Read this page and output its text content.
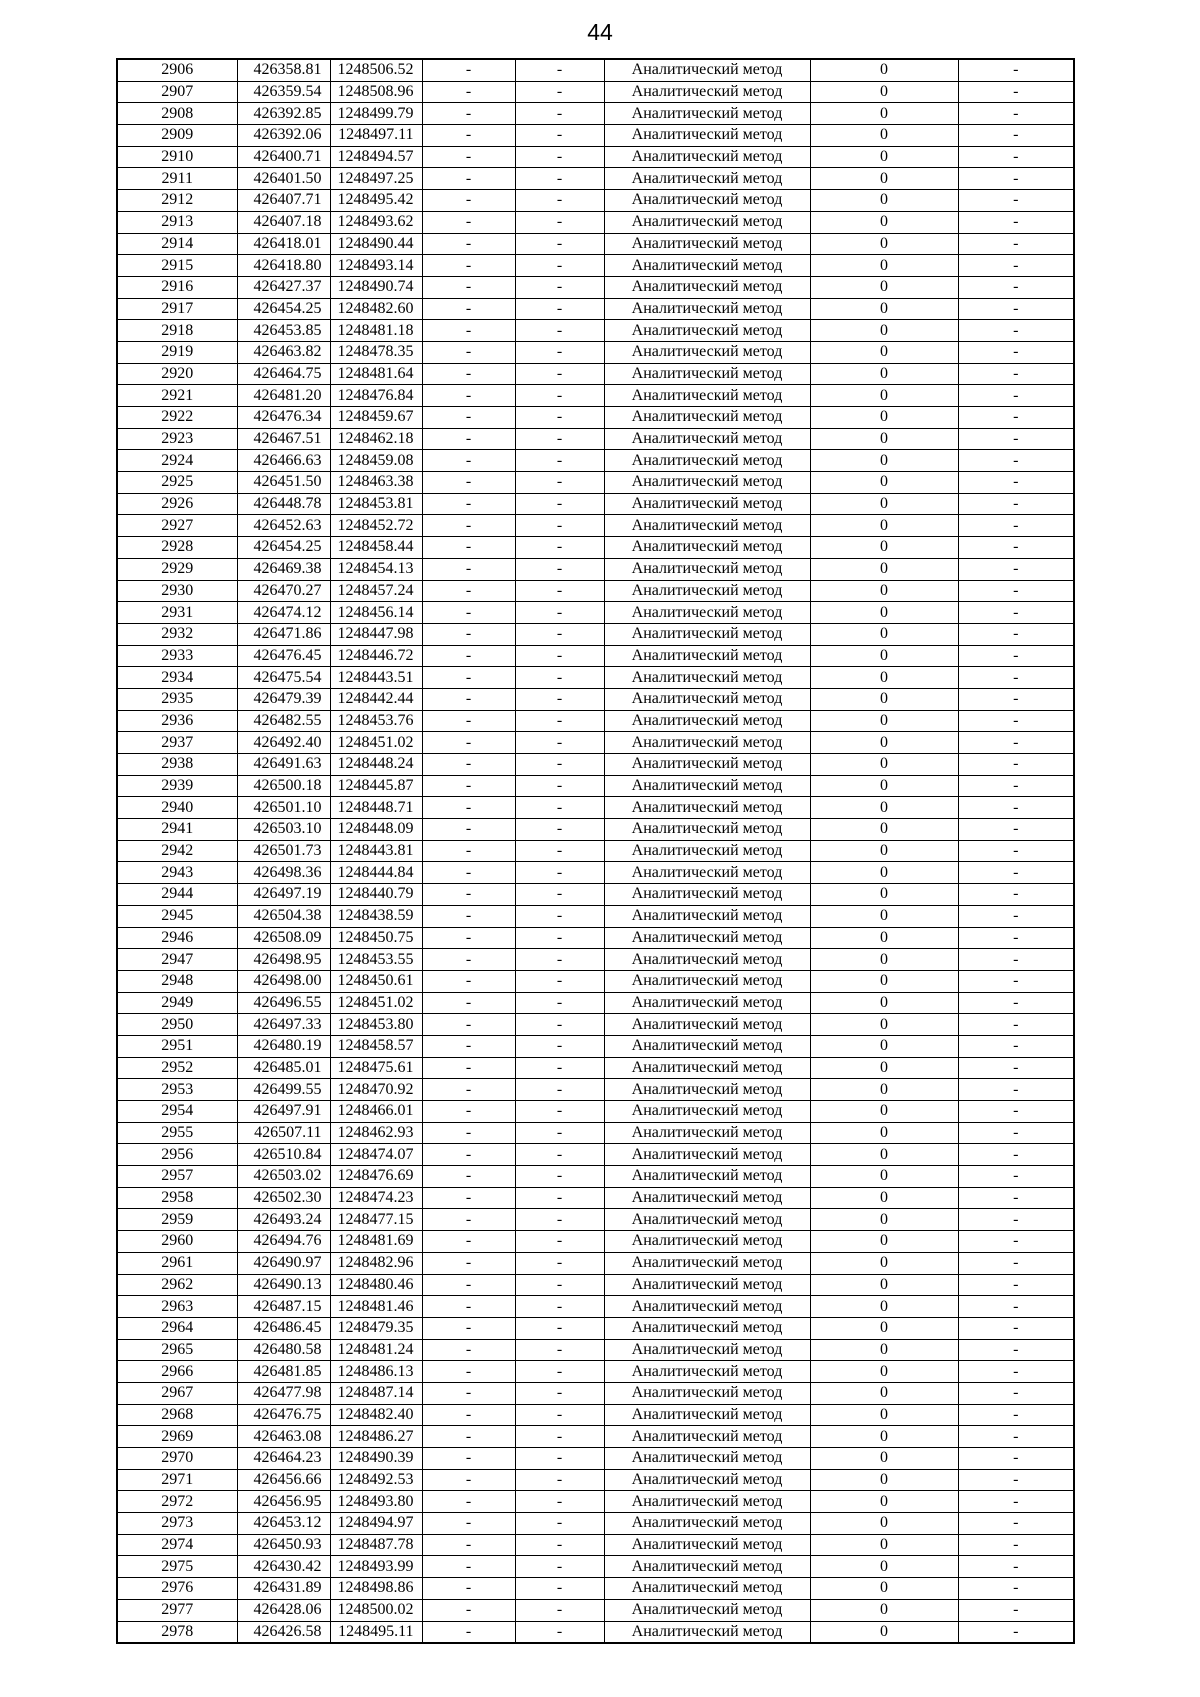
44
2906	426358.81	1248506.52	-	-	Аналитический метод	0	-
2907	426359.54	1248508.96	-	-	Аналитический метод	0	-
2908	426392.85	1248499.79	-	-	Аналитический метод	0	-
2909	426392.06	1248497.11	-	-	Аналитический метод	0	-
2910	426400.71	1248494.57	-	-	Аналитический метод	0	-
2911	426401.50	1248497.25	-	-	Аналитический метод	0	-
2912	426407.71	1248495.42	-	-	Аналитический метод	0	-
2913	426407.18	1248493.62	-	-	Аналитический метод	0	-
2914	426418.01	1248490.44	-	-	Аналитический метод	0	-
2915	426418.80	1248493.14	-	-	Аналитический метод	0	-
2916	426427.37	1248490.74	-	-	Аналитический метод	0	-
2917	426454.25	1248482.60	-	-	Аналитический метод	0	-
2918	426453.85	1248481.18	-	-	Аналитический метод	0	-
2919	426463.82	1248478.35	-	-	Аналитический метод	0	-
2920	426464.75	1248481.64	-	-	Аналитический метод	0	-
2921	426481.20	1248476.84	-	-	Аналитический метод	0	-
2922	426476.34	1248459.67	-	-	Аналитический метод	0	-
2923	426467.51	1248462.18	-	-	Аналитический метод	0	-
2924	426466.63	1248459.08	-	-	Аналитический метод	0	-
2925	426451.50	1248463.38	-	-	Аналитический метод	0	-
2926	426448.78	1248453.81	-	-	Аналитический метод	0	-
2927	426452.63	1248452.72	-	-	Аналитический метод	0	-
2928	426454.25	1248458.44	-	-	Аналитический метод	0	-
2929	426469.38	1248454.13	-	-	Аналитический метод	0	-
2930	426470.27	1248457.24	-	-	Аналитический метод	0	-
2931	426474.12	1248456.14	-	-	Аналитический метод	0	-
2932	426471.86	1248447.98	-	-	Аналитический метод	0	-
2933	426476.45	1248446.72	-	-	Аналитический метод	0	-
2934	426475.54	1248443.51	-	-	Аналитический метод	0	-
2935	426479.39	1248442.44	-	-	Аналитический метод	0	-
2936	426482.55	1248453.76	-	-	Аналитический метод	0	-
2937	426492.40	1248451.02	-	-	Аналитический метод	0	-
2938	426491.63	1248448.24	-	-	Аналитический метод	0	-
2939	426500.18	1248445.87	-	-	Аналитический метод	0	-
2940	426501.10	1248448.71	-	-	Аналитический метод	0	-
2941	426503.10	1248448.09	-	-	Аналитический метод	0	-
2942	426501.73	1248443.81	-	-	Аналитический метод	0	-
2943	426498.36	1248444.84	-	-	Аналитический метод	0	-
2944	426497.19	1248440.79	-	-	Аналитический метод	0	-
2945	426504.38	1248438.59	-	-	Аналитический метод	0	-
2946	426508.09	1248450.75	-	-	Аналитический метод	0	-
2947	426498.95	1248453.55	-	-	Аналитический метод	0	-
2948	426498.00	1248450.61	-	-	Аналитический метод	0	-
2949	426496.55	1248451.02	-	-	Аналитический метод	0	-
2950	426497.33	1248453.80	-	-	Аналитический метод	0	-
2951	426480.19	1248458.57	-	-	Аналитический метод	0	-
2952	426485.01	1248475.61	-	-	Аналитический метод	0	-
2953	426499.55	1248470.92	-	-	Аналитический метод	0	-
2954	426497.91	1248466.01	-	-	Аналитический метод	0	-
2955	426507.11	1248462.93	-	-	Аналитический метод	0	-
2956	426510.84	1248474.07	-	-	Аналитический метод	0	-
2957	426503.02	1248476.69	-	-	Аналитический метод	0	-
2958	426502.30	1248474.23	-	-	Аналитический метод	0	-
2959	426493.24	1248477.15	-	-	Аналитический метод	0	-
2960	426494.76	1248481.69	-	-	Аналитический метод	0	-
2961	426490.97	1248482.96	-	-	Аналитический метод	0	-
2962	426490.13	1248480.46	-	-	Аналитический метод	0	-
2963	426487.15	1248481.46	-	-	Аналитический метод	0	-
2964	426486.45	1248479.35	-	-	Аналитический метод	0	-
2965	426480.58	1248481.24	-	-	Аналитический метод	0	-
2966	426481.85	1248486.13	-	-	Аналитический метод	0	-
2967	426477.98	1248487.14	-	-	Аналитический метод	0	-
2968	426476.75	1248482.40	-	-	Аналитический метод	0	-
2969	426463.08	1248486.27	-	-	Аналитический метод	0	-
2970	426464.23	1248490.39	-	-	Аналитический метод	0	-
2971	426456.66	1248492.53	-	-	Аналитический метод	0	-
2972	426456.95	1248493.80	-	-	Аналитический метод	0	-
2973	426453.12	1248494.97	-	-	Аналитический метод	0	-
2974	426450.93	1248487.78	-	-	Аналитический метод	0	-
2975	426430.42	1248493.99	-	-	Аналитический метод	0	-
2976	426431.89	1248498.86	-	-	Аналитический метод	0	-
2977	426428.06	1248500.02	-	-	Аналитический метод	0	-
2978	426426.58	1248495.11	-	-	Аналитический метод	0	-
